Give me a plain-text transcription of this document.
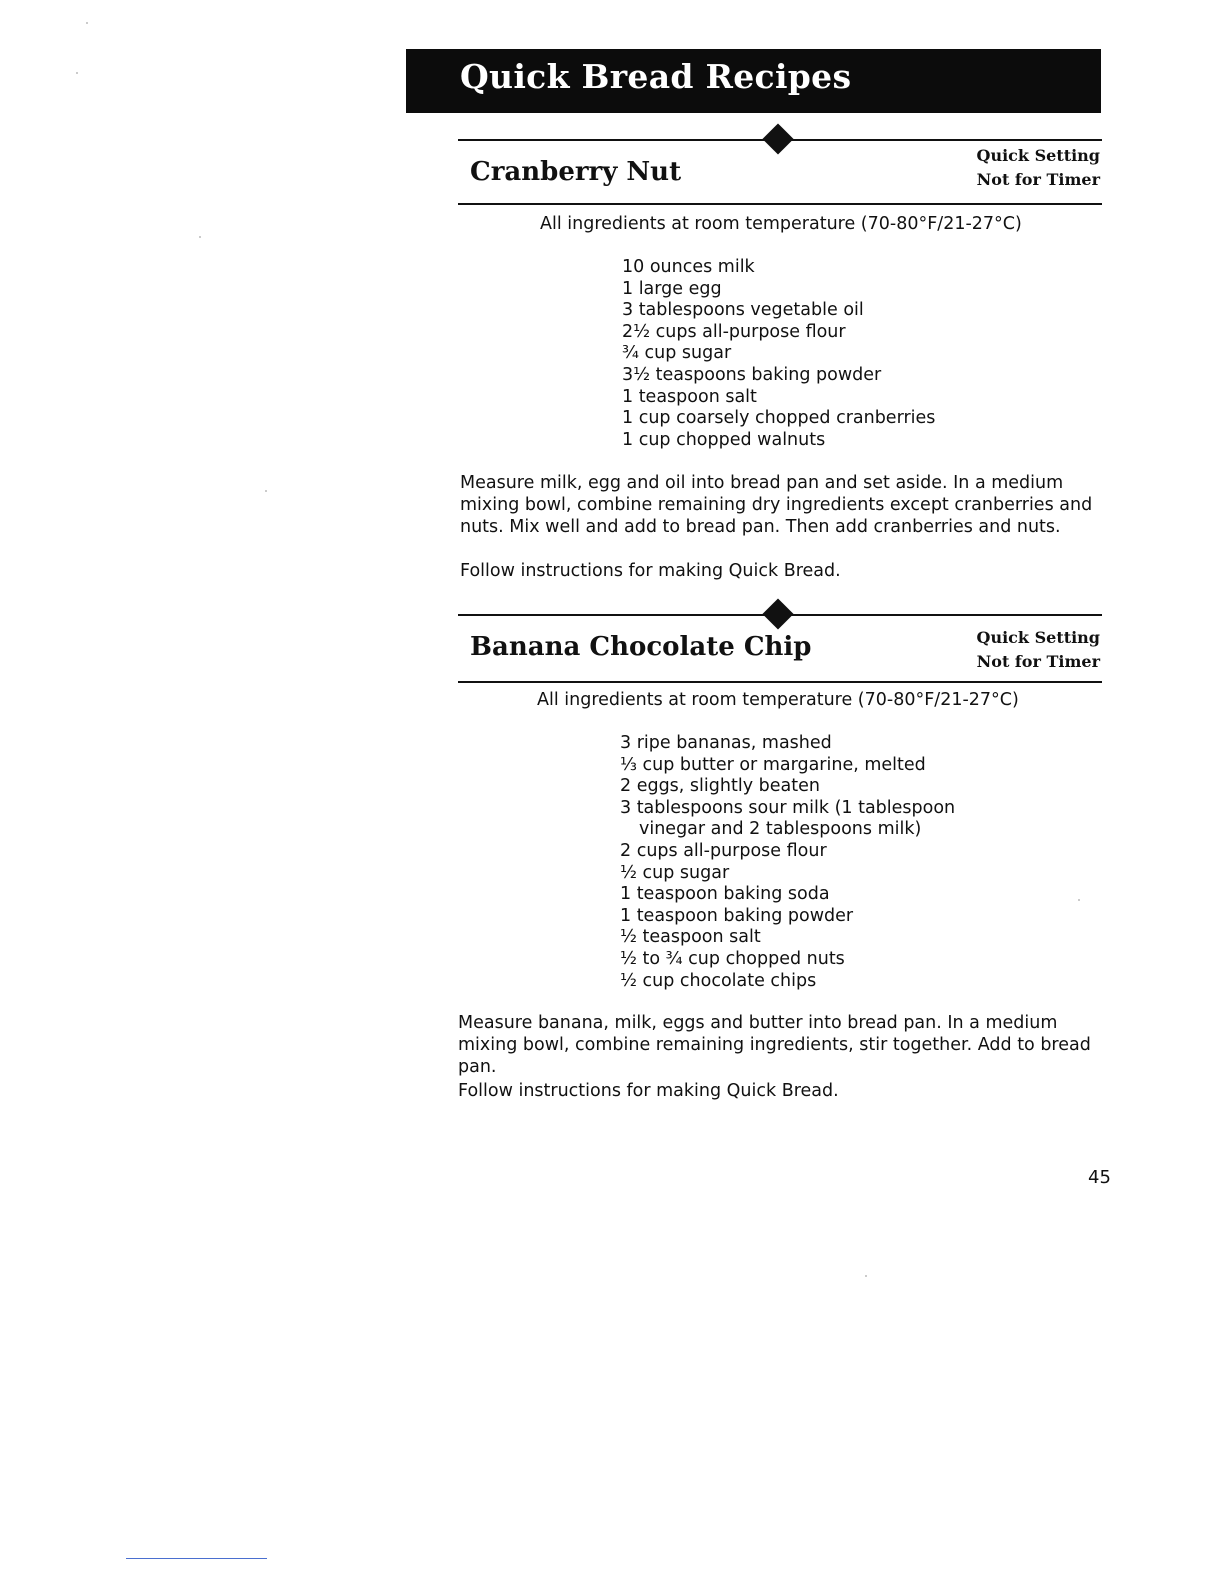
Quick Bread Recipes
Cranberry Nut
Quick Setting
Not for Timer
All ingredients at room temperature (70-80°F/21-27°C)
10 ounces milk
1 large egg
3 tablespoons vegetable oil
2½ cups all-purpose flour
¾ cup sugar
3½ teaspoons baking powder
1 teaspoon salt
1 cup coarsely chopped cranberries
1 cup chopped walnuts

Measure milk, egg and oil into bread pan and set aside. In a medium mixing bowl, combine remaining dry ingredients except cranberries and nuts. Mix well and add to bread pan. Then add cranberries and nuts.

Follow instructions for making Quick Bread.

Banana Chocolate Chip	Quick Setting
Not for Timer
All ingredients at room temperature (70-80°F/21-27°C)
3 ripe bananas, mashed
⅓ cup butter or margarine, melted
2 eggs, slightly beaten
3 tablespoons sour milk (1 tablespoon
vinegar and 2 tablespoons milk)
2 cups all-purpose flour
½ cup sugar
1 teaspoon baking soda
1 teaspoon baking powder
½ teaspoon salt
½ to ¾ cup chopped nuts
½ cup chocolate chips

Measure banana, milk, eggs and butter into bread pan. In a medium mixing bowl, combine remaining ingredients, stir together. Add to bread pan.

Follow instructions for making Quick Bread.

45
